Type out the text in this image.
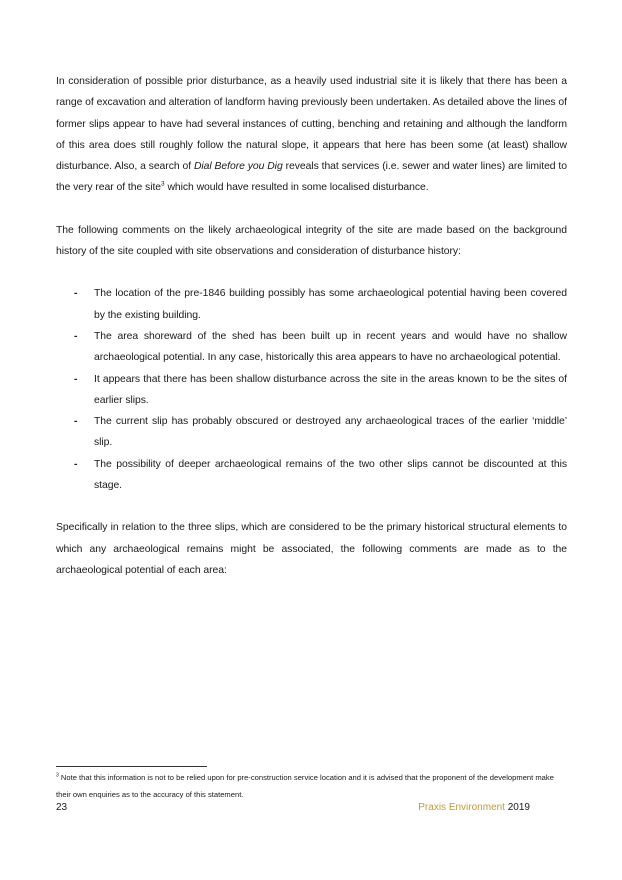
In consideration of possible prior disturbance, as a heavily used industrial site it is likely that there has been a range of excavation and alteration of landform having previously been undertaken. As detailed above the lines of former slips appear to have had several instances of cutting, benching and retaining and although the landform of this area does still roughly follow the natural slope, it appears that here has been some (at least) shallow disturbance. Also, a search of Dial Before you Dig reveals that services (i.e. sewer and water lines) are limited to the very rear of the site$^3$ which would have resulted in some localised disturbance.

The following comments on the likely archaeological integrity of the site are made based on the background history of the site coupled with site observations and consideration of disturbance history:

-	The location of the pre-1846 building possibly has some archaeological potential having been covered by the existing building.
-	The area shoreward of the shed has been built up in recent years and would have no shallow archaeological potential. In any case, historically this area appears to have no archaeological potential.
-	It appears that there has been shallow disturbance across the site in the areas known to be the sites of earlier slips.
-	The current slip has probably obscured or destroyed any archaeological traces of the earlier ‘middle’ slip.
-	The possibility of deeper archaeological remains of the two other slips cannot be discounted at this stage.

Specifically in relation to the three slips, which are considered to be the primary historical structural elements to which any archaeological remains might be associated, the following comments are made as to the archaeological potential of each area:

$^3$ Note that this information is not to be relied upon for pre-construction service location and it is advised that the proponent of the development make their own enquiries as to the accuracy of this statement.
23	Praxis Environment 2019
